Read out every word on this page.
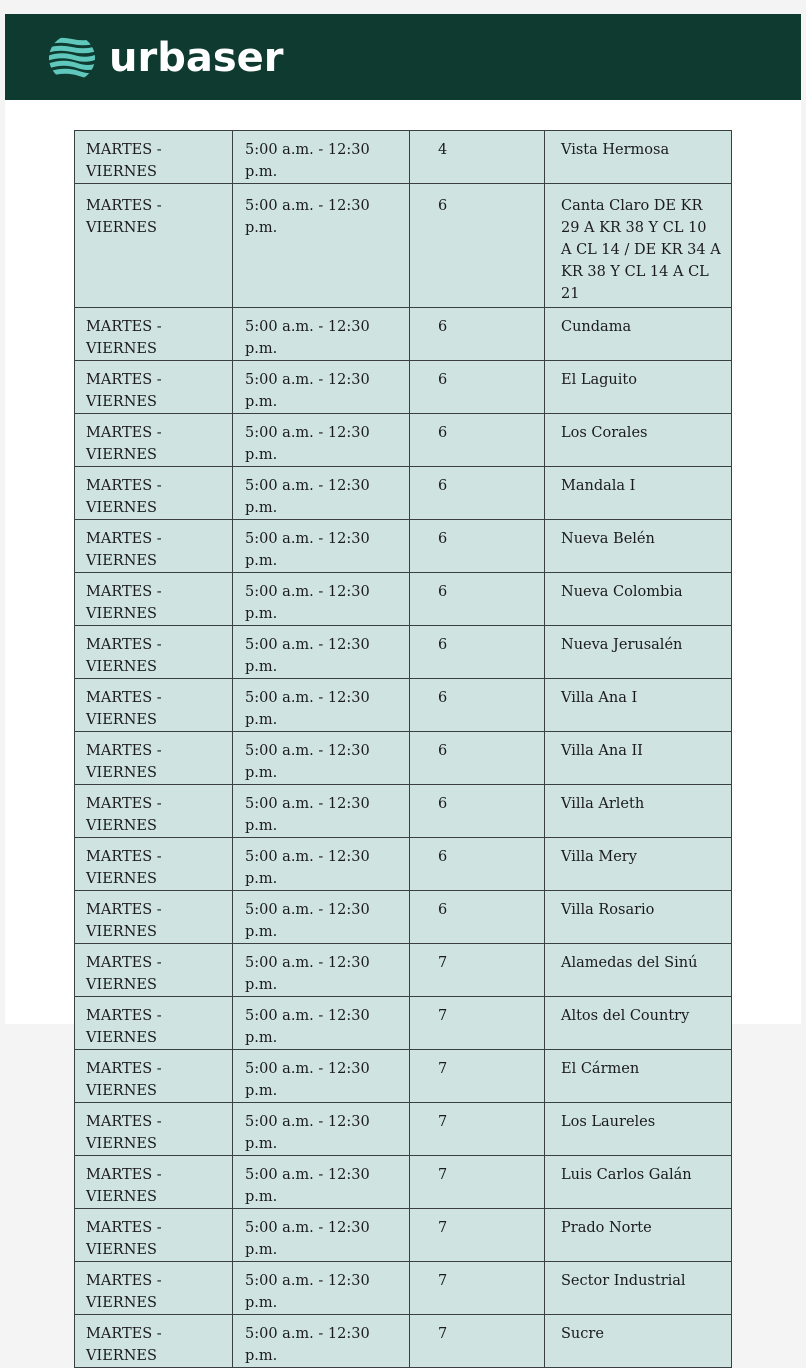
urbaser
MARTES - VIERNES	5:00 a.m. - 12:30 p.m.	4	Vista Hermosa
MARTES - VIERNES	5:00 a.m. - 12:30 p.m.	6	Canta Claro DE KR 29 A KR 38 Y CL 10 A CL 14 / DE KR 34 A KR 38 Y CL 14 A CL 21
MARTES - VIERNES	5:00 a.m. - 12:30 p.m.	6	Cundama
MARTES - VIERNES	5:00 a.m. - 12:30 p.m.	6	El Laguito
MARTES - VIERNES	5:00 a.m. - 12:30 p.m.	6	Los Corales
MARTES - VIERNES	5:00 a.m. - 12:30 p.m.	6	Mandala I
MARTES - VIERNES	5:00 a.m. - 12:30 p.m.	6	Nueva Belén
MARTES - VIERNES	5:00 a.m. - 12:30 p.m.	6	Nueva Colombia
MARTES - VIERNES	5:00 a.m. - 12:30 p.m.	6	Nueva Jerusalén
MARTES - VIERNES	5:00 a.m. - 12:30 p.m.	6	Villa Ana I
MARTES - VIERNES	5:00 a.m. - 12:30 p.m.	6	Villa Ana II
MARTES - VIERNES	5:00 a.m. - 12:30 p.m.	6	Villa Arleth
MARTES - VIERNES	5:00 a.m. - 12:30 p.m.	6	Villa Mery
MARTES - VIERNES	5:00 a.m. - 12:30 p.m.	6	Villa Rosario
MARTES - VIERNES	5:00 a.m. - 12:30 p.m.	7	Alamedas del Sinú
MARTES - VIERNES	5:00 a.m. - 12:30 p.m.	7	Altos del Country
MARTES - VIERNES	5:00 a.m. - 12:30 p.m.	7	El Cármen
MARTES - VIERNES	5:00 a.m. - 12:30 p.m.	7	Los Laureles
MARTES - VIERNES	5:00 a.m. - 12:30 p.m.	7	Luis Carlos Galán
MARTES - VIERNES	5:00 a.m. - 12:30 p.m.	7	Prado Norte
MARTES - VIERNES	5:00 a.m. - 12:30 p.m.	7	Sector Industrial
MARTES - VIERNES	5:00 a.m. - 12:30 p.m.	7	Sucre
